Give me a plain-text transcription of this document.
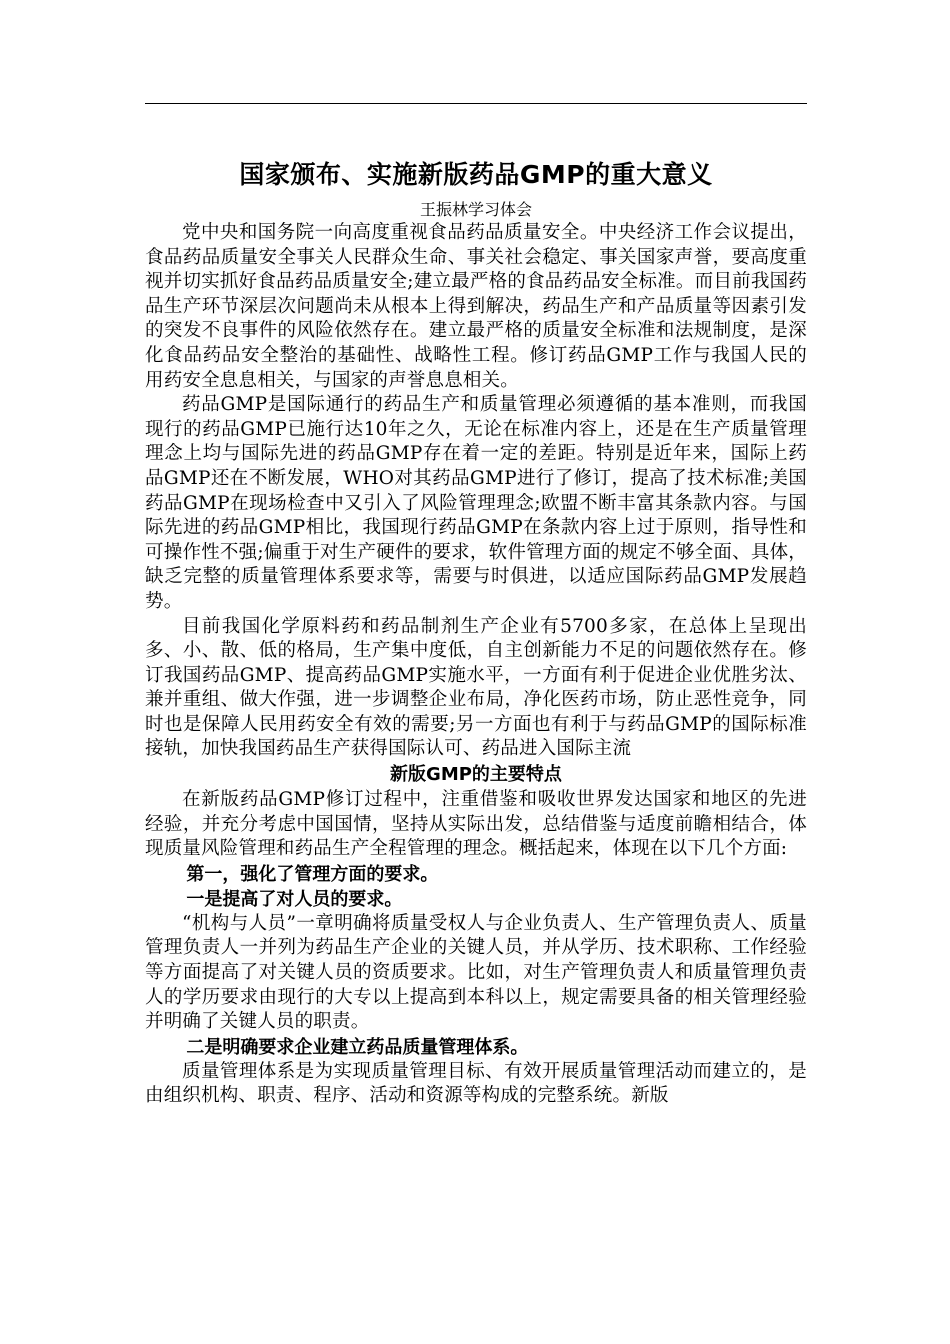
国家颁布、实施新版药品GMP的重大意义
王振林学习体会

党中央和国务院一向高度重视食品药品质量安全。中央经济工作会议提出，食品药品质量安全事关人民群众生命、事关社会稳定、事关国家声誉，要高度重视并切实抓好食品药品质量安全;建立最严格的食品药品安全标准。而目前我国药品生产环节深层次问题尚未从根本上得到解决，药品生产和产品质量等因素引发的突发不良事件的风险依然存在。建立最严格的质量安全标准和法规制度，是深化食品药品安全整治的基础性、战略性工程。修订药品GMP工作与我国人民的用药安全息息相关，与国家的声誉息息相关。

药品GMP是国际通行的药品生产和质量管理必须遵循的基本准则，而我国现行的药品GMP已施行达10年之久，无论在标准内容上，还是在生产质量管理理念上均与国际先进的药品GMP存在着一定的差距。特别是近年来，国际上药品GMP还在不断发展，WHO对其药品GMP进行了修订，提高了技术标准;美国药品GMP在现场检查中又引入了风险管理理念;欧盟不断丰富其条款内容。与国际先进的药品GMP相比，我国现行药品GMP在条款内容上过于原则，指导性和可操作性不强;偏重于对生产硬件的要求，软件管理方面的规定不够全面、具体，缺乏完整的质量管理体系要求等，需要与时俱进，以适应国际药品GMP发展趋势。

目前我国化学原料药和药品制剂生产企业有5700多家，在总体上呈现出多、小、散、低的格局，生产集中度低，自主创新能力不足的问题依然存在。修订我国药品GMP、提高药品GMP实施水平，一方面有利于促进企业优胜劣汰、兼并重组、做大作强，进一步调整企业布局，净化医药市场，防止恶性竞争，同时也是保障人民用药安全有效的需要;另一方面也有利于与药品GMP的国际标准接轨，加快我国药品生产获得国际认可、药品进入国际主流

新版GMP的主要特点

在新版药品GMP修订过程中，注重借鉴和吸收世界发达国家和地区的先进经验，并充分考虑中国国情，坚持从实际出发，总结借鉴与适度前瞻相结合，体现质量风险管理和药品生产全程管理的理念。概括起来，体现在以下几个方面:

第一，强化了管理方面的要求。

一是提高了对人员的要求。

“机构与人员”一章明确将质量受权人与企业负责人、生产管理负责人、质量管理负责人一并列为药品生产企业的关键人员，并从学历、技术职称、工作经验等方面提高了对关键人员的资质要求。比如，对生产管理负责人和质量管理负责人的学历要求由现行的大专以上提高到本科以上，规定需要具备的相关管理经验并明确了关键人员的职责。

二是明确要求企业建立药品质量管理体系。

质量管理体系是为实现质量管理目标、有效开展质量管理活动而建立的，是由组织机构、职责、程序、活动和资源等构成的完整系统。新版
